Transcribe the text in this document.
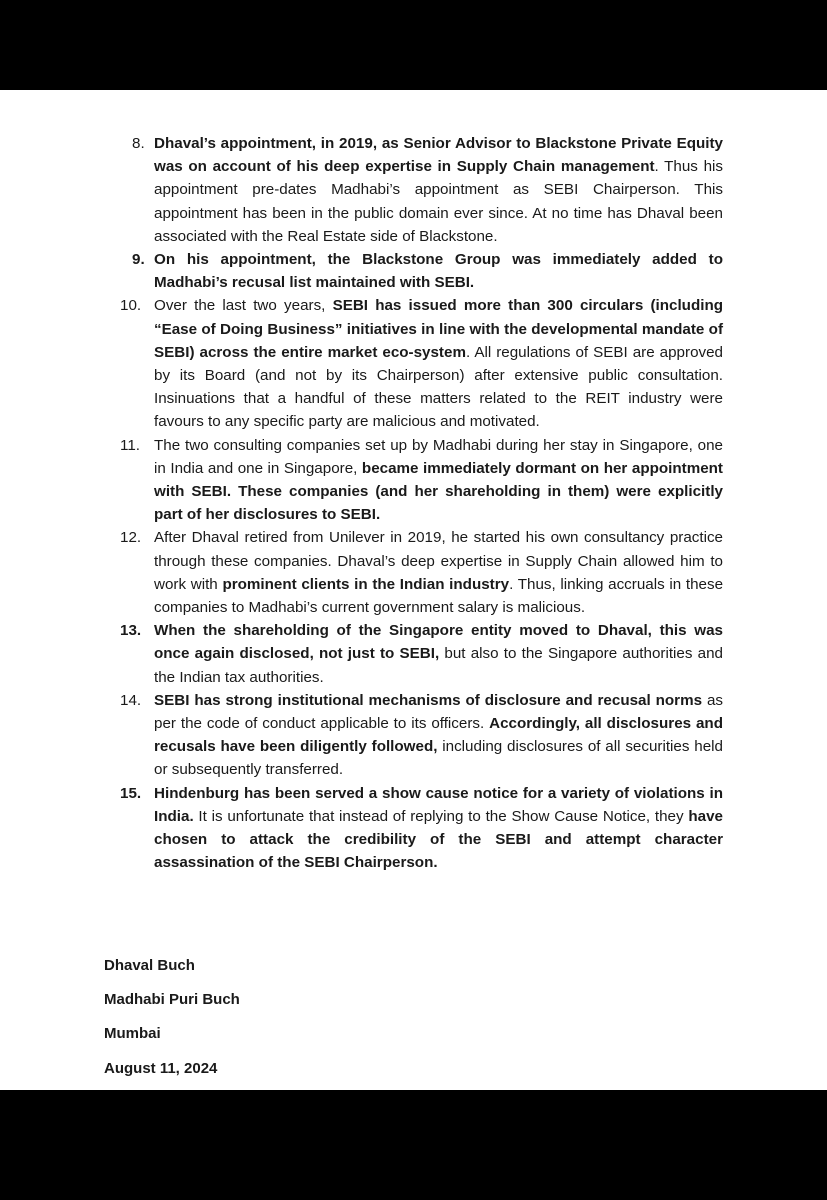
8. Dhaval’s appointment, in 2019, as Senior Advisor to Blackstone Private Equity was on account of his deep expertise in Supply Chain management. Thus his appointment pre-dates Madhabi’s appointment as SEBI Chairperson. This appointment has been in the public domain ever since. At no time has Dhaval been associated with the Real Estate side of Blackstone.
9. On his appointment, the Blackstone Group was immediately added to Madhabi’s recusal list maintained with SEBI.
10. Over the last two years, SEBI has issued more than 300 circulars (including “Ease of Doing Business” initiatives in line with the developmental mandate of SEBI) across the entire market eco-system. All regulations of SEBI are approved by its Board (and not by its Chairperson) after extensive public consultation. Insinuations that a handful of these matters related to the REIT industry were favours to any specific party are malicious and motivated.
11. The two consulting companies set up by Madhabi during her stay in Singapore, one in India and one in Singapore, became immediately dormant on her appointment with SEBI. These companies (and her shareholding in them) were explicitly part of her disclosures to SEBI.
12. After Dhaval retired from Unilever in 2019, he started his own consultancy practice through these companies. Dhaval’s deep expertise in Supply Chain allowed him to work with prominent clients in the Indian industry. Thus, linking accruals in these companies to Madhabi’s current government salary is malicious.
13. When the shareholding of the Singapore entity moved to Dhaval, this was once again disclosed, not just to SEBI, but also to the Singapore authorities and the Indian tax authorities.
14. SEBI has strong institutional mechanisms of disclosure and recusal norms as per the code of conduct applicable to its officers. Accordingly, all disclosures and recusals have been diligently followed, including disclosures of all securities held or subsequently transferred.
15. Hindenburg has been served a show cause notice for a variety of violations in India. It is unfortunate that instead of replying to the Show Cause Notice, they have chosen to attack the credibility of the SEBI and attempt character assassination of the SEBI Chairperson.
Dhaval Buch
Madhabi Puri Buch
Mumbai
August 11, 2024
